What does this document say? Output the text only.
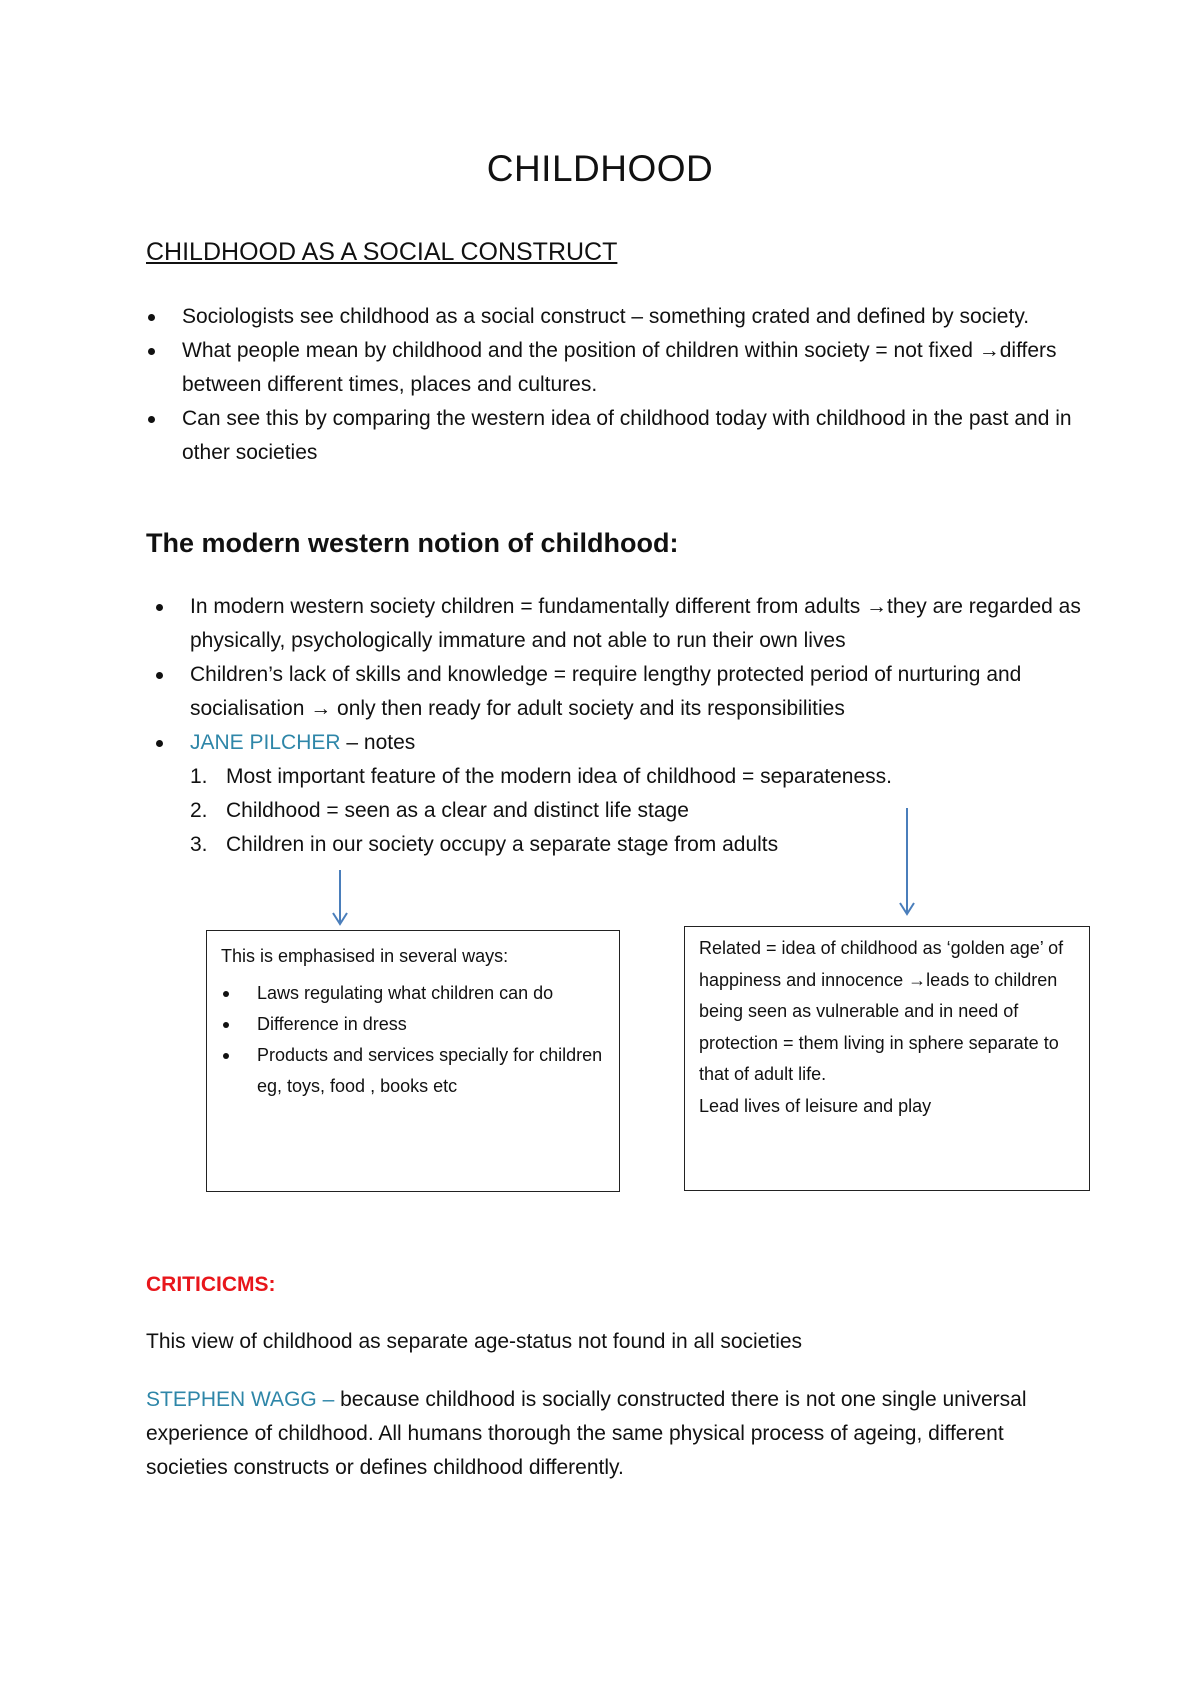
CHILDHOOD
CHILDHOOD AS A SOCIAL CONSTRUCT
Sociologists see childhood as a social construct – something crated and defined by society.
What people mean by childhood and the position of children within society = not fixed →differs between different times, places and cultures.
Can see this by comparing the western idea of childhood today with childhood in the past and in other societies
The modern western notion of childhood:
In modern western society children = fundamentally different from adults →they are regarded as physically, psychologically immature and not able to run their own lives
Children’s lack of skills and knowledge = require lengthy protected period of nurturing and socialisation → only then ready for adult society and its responsibilities
JANE PILCHER – notes
1. Most important feature of the modern idea of childhood = separateness.
2. Childhood = seen as a clear and distinct life stage
3. Children in our society occupy a separate stage from adults

This is emphasised in several ways:

Laws regulating what children can do
Difference in dress
Products and services specially for children eg, toys, food , books etc

Related = idea of childhood as ‘golden age’ of happiness and innocence →leads to children being seen as vulnerable and in need of protection = them living in sphere separate to that of adult life.

Lead lives of leisure and play

CRITICICMS:

This view of childhood as separate age-status not found in all societies

STEPHEN WAGG – because childhood is socially constructed there is not one single universal experience of childhood. All humans thorough the same physical process of ageing, different societies constructs or defines childhood differently.
